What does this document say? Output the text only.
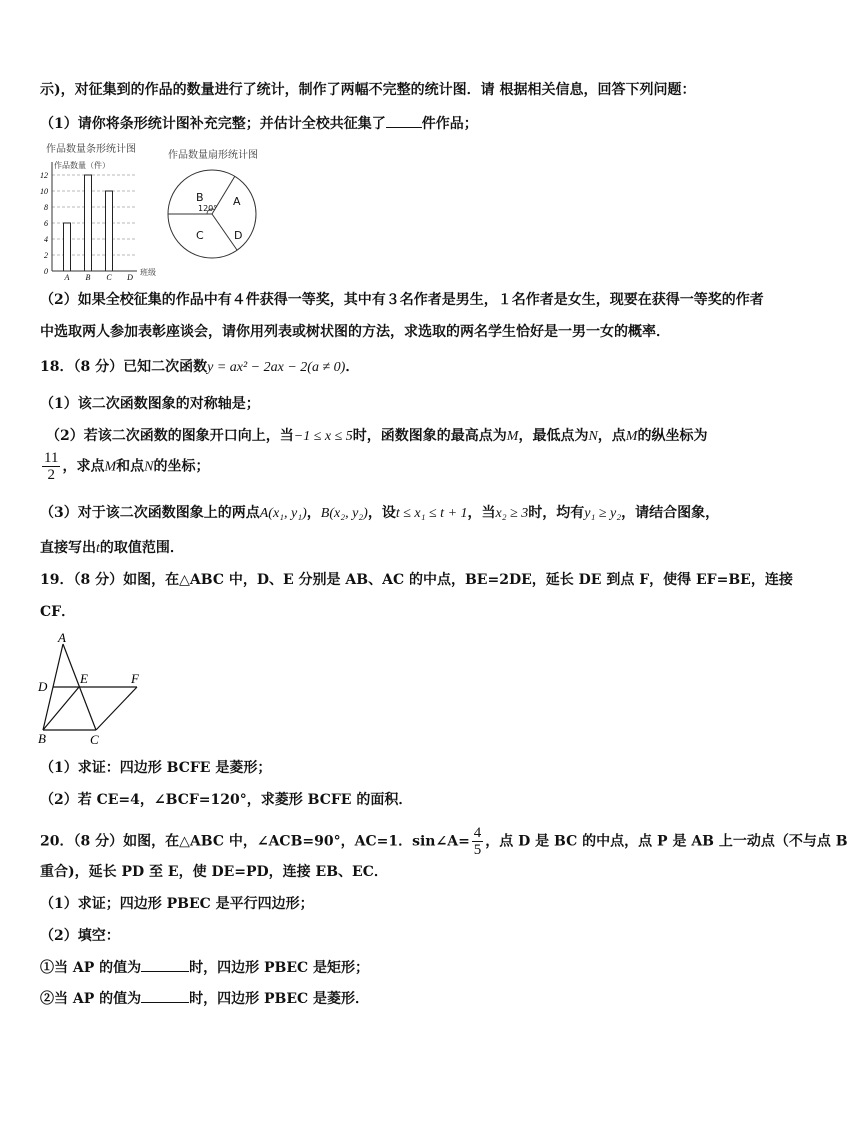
示)，对征集到的作品的数量进行了统计，制作了两幅不完整的统计图．请 根据相关信息，回答下列问题：
（1）请你将条形统计图补充完整；并估计全校共征集了	件作品；
作品数量条形统计图
作品数量（件）
0
2
4
6
8
10
12
A B C D
班级
作品数量扇形统计图
B	A
C	D
120°
（2）如果全校征集的作品中有４件获得一等奖，其中有３名作者是男生，１名作者是女生，现要在获得一等奖的作者
中选取两人参加表彰座谈会，请你用列表或树状图的方法，求选取的两名学生恰好是一男一女的概率．
18．（8 分）已知二次函数y = ax² − 2ax − 2(a ≠ 0)．
（1）该二次函数图象的对称轴是；
（2）若该二次函数的图象开口向上，当−1 ≤ x ≤ 5时，函数图象的最高点为M，最低点为N，点M的纵坐标为
$\frac{11}{2}$ ，求点M和点N的坐标；
（3）对于该二次函数图象上的两点A(x₁, y₁)，B(x₂, y₂)，设t ≤ x₁ ≤ t + 1，当x₂ ≥ 3时，均有y₁ ≥ y₂，请结合图象，
直接写出t的取值范围．
19．（8 分）如图，在△ABC 中，D、E 分别是 AB、AC 的中点，BE=2DE，延长 DE 到点 F，使得 EF=BE，连接
CF．
A
D
E	F
B	C
（1）求证：四边形 BCFE 是菱形；
（2）若 CE=4，∠BCF=120°，求菱形 BCFE 的面积．
20．（8 分）如图，在△ABC 中，∠ACB=90°，AC=1．sin∠A= $\frac{4}{5}$ ，点 D 是 BC 的中点，点 P 是 AB 上一动点（不与点 B
重合)，延长 PD 至 E，使 DE=PD，连接 EB、EC．
（1）求证；四边形 PBEC 是平行四边形；
（2）填空：
①当 AP 的值为	时，四边形 PBEC 是矩形；
②当 AP 的值为	时，四边形 PBEC 是菱形．
